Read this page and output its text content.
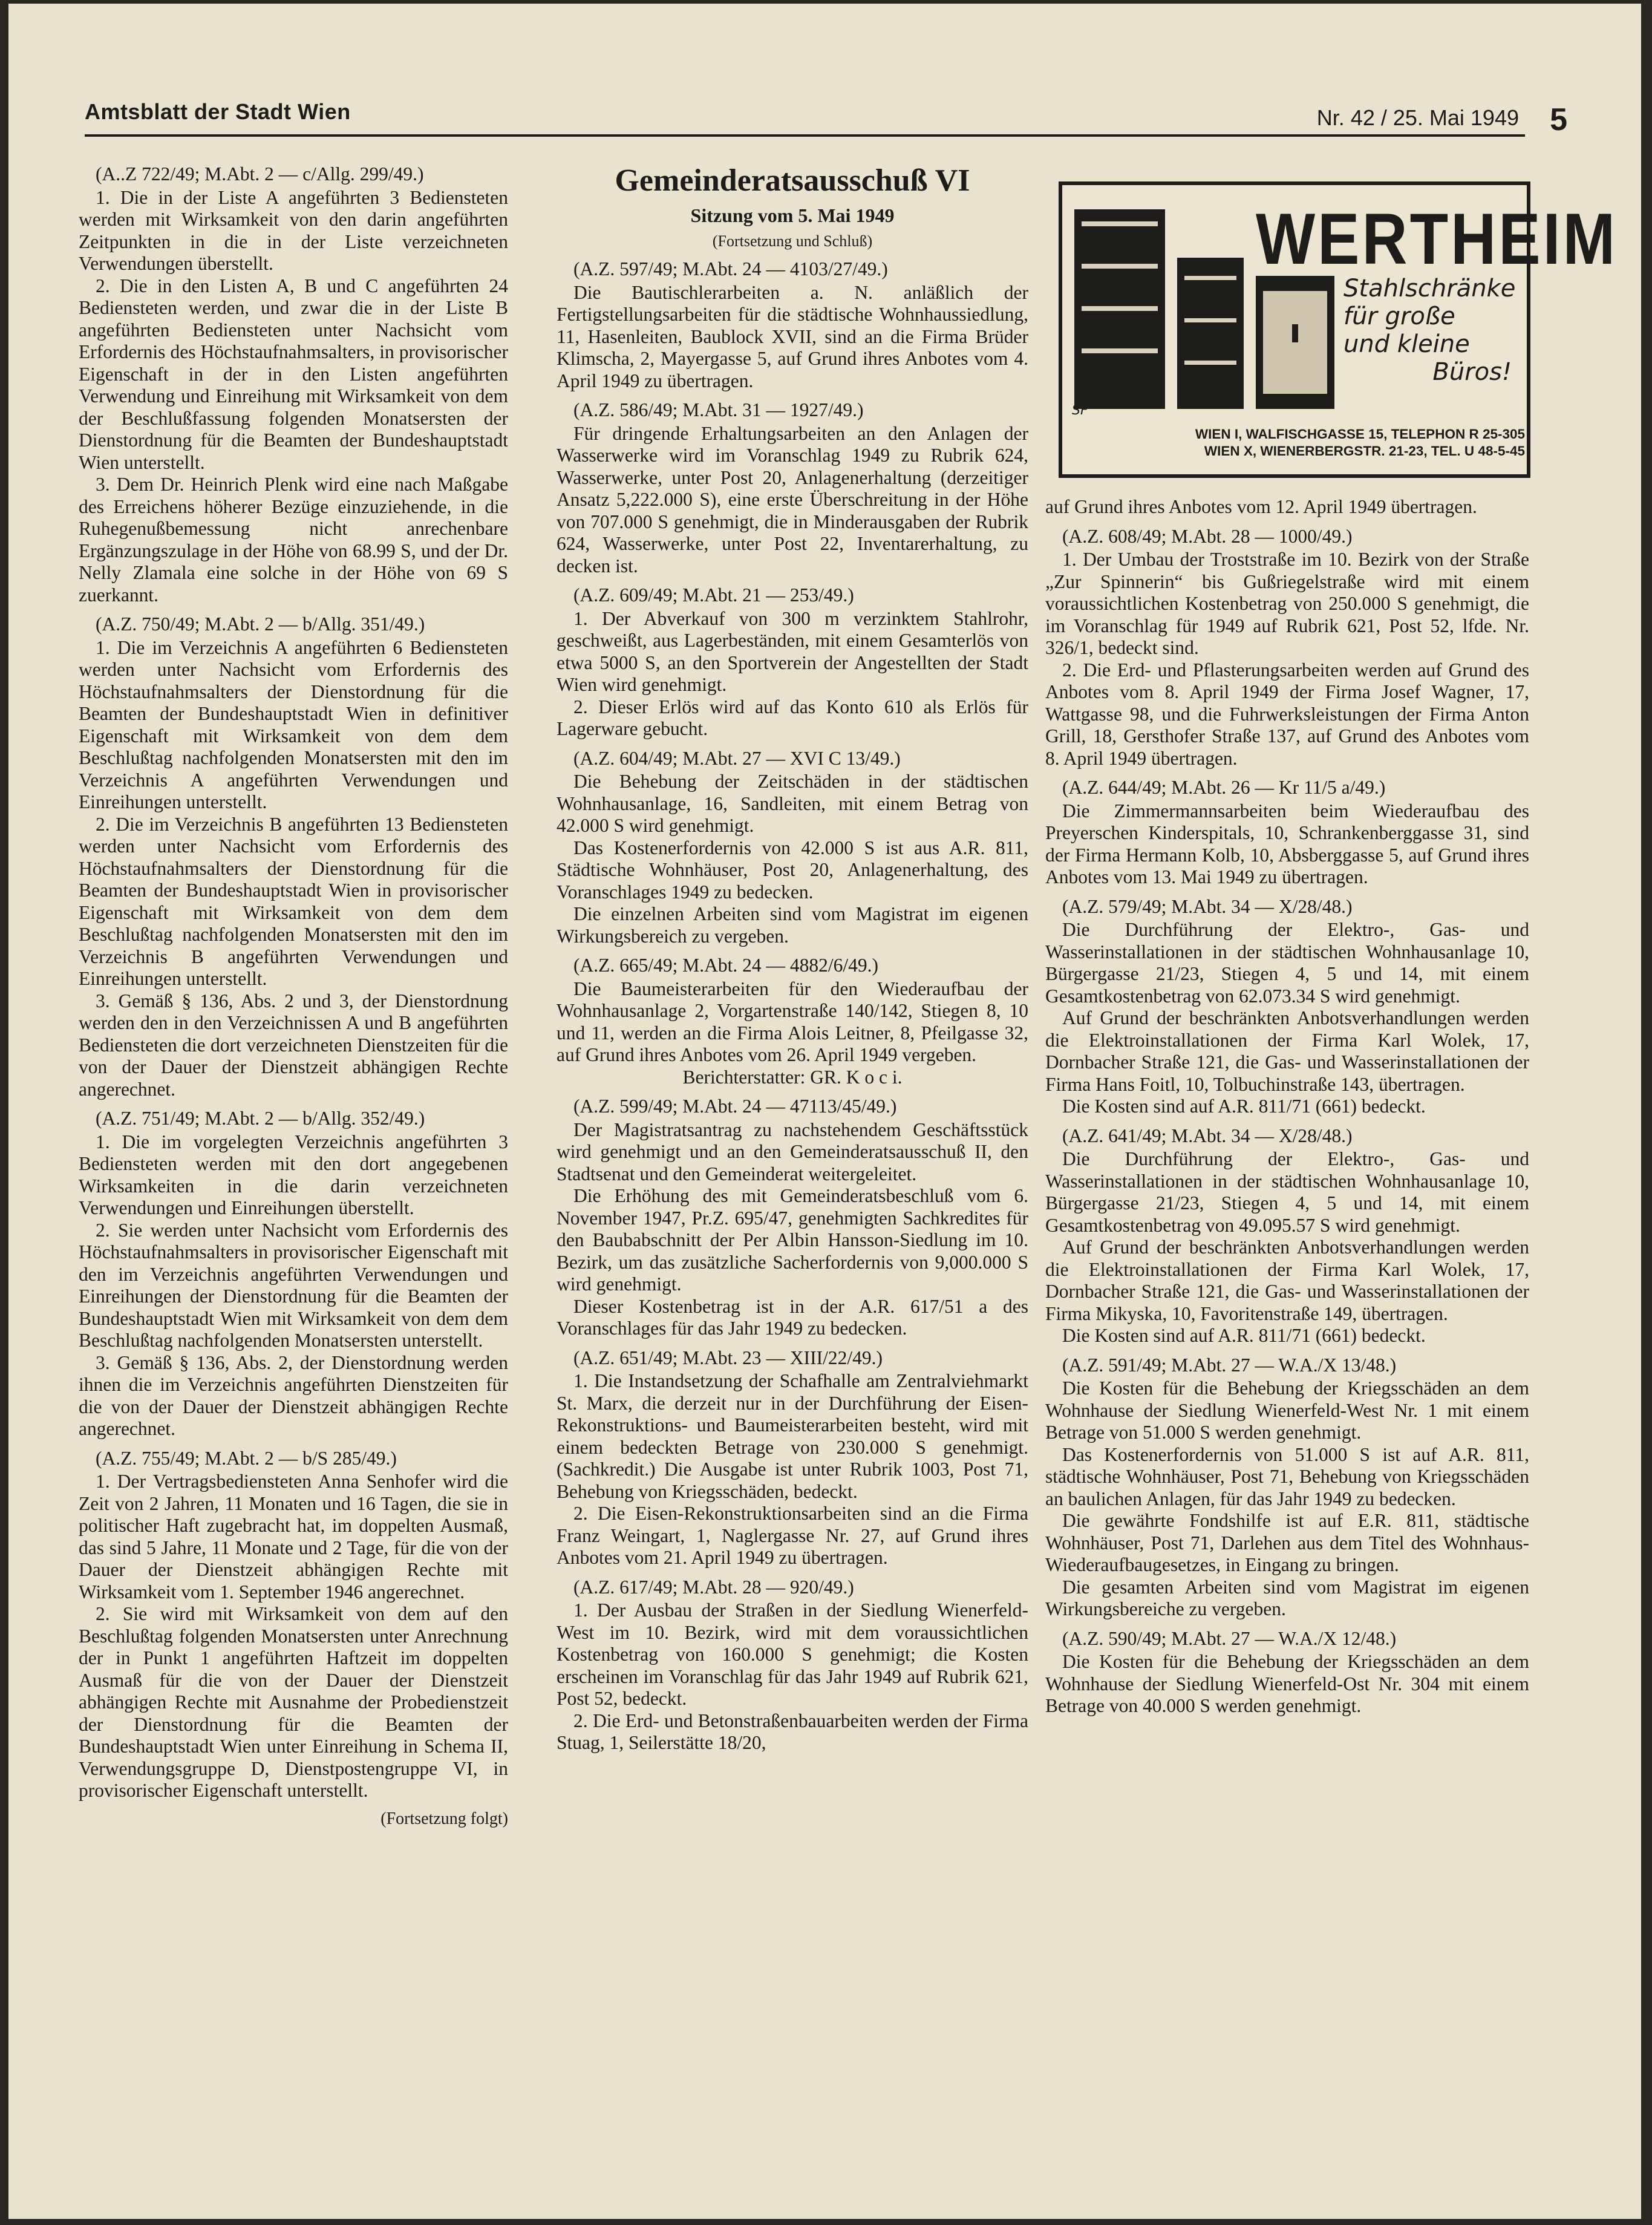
Amtsblatt der Stadt Wien	Nr. 42 / 25. Mai 1949 5

(A..Z 722/49; M.Abt. 2 — c/Allg. 299/49.)

1. Die in der Liste A angeführten 3 Bediensteten werden mit Wirksamkeit von den darin angeführten Zeitpunkten in die in der Liste verzeichneten Verwendungen überstellt.

2. Die in den Listen A, B und C angeführten 24 Bediensteten werden, und zwar die in der Liste B angeführten Bediensteten unter Nachsicht vom Erfordernis des Höchstaufnahmsalters, in provisorischer Eigenschaft in der in den Listen angeführten Verwendung und Einreihung mit Wirksamkeit von dem der Beschlußfassung folgenden Monatsersten der Dienstordnung für die Beamten der Bundeshauptstadt Wien unterstellt.

3. Dem Dr. Heinrich Plenk wird eine nach Maßgabe des Erreichens höherer Bezüge einzuziehende, in die Ruhegenußbemessung nicht anrechenbare Ergänzungszulage in der Höhe von 68.99 S, und der Dr. Nelly Zlamala eine solche in der Höhe von 69 S zuerkannt.

(A.Z. 750/49; M.Abt. 2 — b/Allg. 351/49.)

1. Die im Verzeichnis A angeführten 6 Bediensteten werden unter Nachsicht vom Erfordernis des Höchstaufnahmsalters der Dienstordnung für die Beamten der Bundeshauptstadt Wien in definitiver Eigenschaft mit Wirksamkeit von dem dem Beschlußtag nachfolgenden Monatsersten mit den im Verzeichnis A angeführten Verwendungen und Einreihungen unterstellt.

2. Die im Verzeichnis B angeführten 13 Bediensteten werden unter Nachsicht vom Erfordernis des Höchstaufnahmsalters der Dienstordnung für die Beamten der Bundeshauptstadt Wien in provisorischer Eigenschaft mit Wirksamkeit von dem dem Beschlußtag nachfolgenden Monatsersten mit den im Verzeichnis B angeführten Verwendungen und Einreihungen unterstellt.

3. Gemäß § 136, Abs. 2 und 3, der Dienstordnung werden den in den Verzeichnissen A und B angeführten Bediensteten die dort verzeichneten Dienstzeiten für die von der Dauer der Dienstzeit abhängigen Rechte angerechnet.

(A.Z. 751/49; M.Abt. 2 — b/Allg. 352/49.)

1. Die im vorgelegten Verzeichnis angeführten 3 Bediensteten werden mit den dort angegebenen Wirksamkeiten in die darin verzeichneten Verwendungen und Einreihungen überstellt.

2. Sie werden unter Nachsicht vom Erfordernis des Höchstaufnahmsalters in provisorischer Eigenschaft mit den im Verzeichnis angeführten Verwendungen und Einreihungen der Dienstordnung für die Beamten der Bundeshauptstadt Wien mit Wirksamkeit von dem dem Beschlußtag nachfolgenden Monatsersten unterstellt.

3. Gemäß § 136, Abs. 2, der Dienstordnung werden ihnen die im Verzeichnis angeführten Dienstzeiten für die von der Dauer der Dienstzeit abhängigen Rechte angerechnet.

(A.Z. 755/49; M.Abt. 2 — b/S 285/49.)

1. Der Vertragsbediensteten Anna Senhofer wird die Zeit von 2 Jahren, 11 Monaten und 16 Tagen, die sie in politischer Haft zugebracht hat, im doppelten Ausmaß, das sind 5 Jahre, 11 Monate und 2 Tage, für die von der Dauer der Dienstzeit abhängigen Rechte mit Wirksamkeit vom 1. September 1946 angerechnet.

2. Sie wird mit Wirksamkeit von dem auf den Beschlußtag folgenden Monatsersten unter Anrechnung der in Punkt 1 angeführten Haftzeit im doppelten Ausmaß für die von der Dauer der Dienstzeit abhängigen Rechte mit Ausnahme der Probedienstzeit der Dienstordnung für die Beamten der Bundeshauptstadt Wien unter Einreihung in Schema II, Verwendungsgruppe D, Dienstpostengruppe VI, in provisorischer Eigenschaft unterstellt.

(Fortsetzung folgt)

Gemeinderatsausschuß VI
Sitzung vom 5. Mai 1949
(Fortsetzung und Schluß)

(A.Z. 597/49; M.Abt. 24 — 4103/27/49.)

Die Bautischlerarbeiten a. N. anläßlich der Fertigstellungsarbeiten für die städtische Wohnhaussiedlung, 11, Hasenleiten, Baublock XVII, sind an die Firma Brüder Klimscha, 2, Mayergasse 5, auf Grund ihres Anbotes vom 4. April 1949 zu übertragen.

(A.Z. 586/49; M.Abt. 31 — 1927/49.)

Für dringende Erhaltungsarbeiten an den Anlagen der Wasserwerke wird im Voranschlag 1949 zu Rubrik 624, Wasserwerke, unter Post 20, Anlagenerhaltung (derzeitiger Ansatz 5,222.000 S), eine erste Überschreitung in der Höhe von 707.000 S genehmigt, die in Minderausgaben der Rubrik 624, Wasserwerke, unter Post 22, Inventarerhaltung, zu decken ist.

(A.Z. 609/49; M.Abt. 21 — 253/49.)

1. Der Abverkauf von 300 m verzinktem Stahlrohr, geschweißt, aus Lagerbeständen, mit einem Gesamterlös von etwa 5000 S, an den Sportverein der Angestellten der Stadt Wien wird genehmigt.

2. Dieser Erlös wird auf das Konto 610 als Erlös für Lagerware gebucht.

(A.Z. 604/49; M.Abt. 27 — XVI C 13/49.)

Die Behebung der Zeitschäden in der städtischen Wohnhausanlage, 16, Sandleiten, mit einem Betrag von 42.000 S wird genehmigt.

Das Kostenerfordernis von 42.000 S ist aus A.R. 811, Städtische Wohnhäuser, Post 20, Anlagenerhaltung, des Voranschlages 1949 zu bedecken.

Die einzelnen Arbeiten sind vom Magistrat im eigenen Wirkungsbereich zu vergeben.

(A.Z. 665/49; M.Abt. 24 — 4882/6/49.)

Die Baumeisterarbeiten für den Wiederaufbau der Wohnhausanlage 2, Vorgartenstraße 140/142, Stiegen 8, 10 und 11, werden an die Firma Alois Leitner, 8, Pfeilgasse 32, auf Grund ihres Anbotes vom 26. April 1949 vergeben.

Berichterstatter: GR. K o c i.

(A.Z. 599/49; M.Abt. 24 — 47113/45/49.)

Der Magistratsantrag zu nachstehendem Geschäftsstück wird genehmigt und an den Gemeinderatsausschuß II, den Stadtsenat und den Gemeinderat weitergeleitet.

Die Erhöhung des mit Gemeinderatsbeschluß vom 6. November 1947, Pr.Z. 695/47, genehmigten Sachkredites für den Baubabschnitt der Per Albin Hansson-Siedlung im 10. Bezirk, um das zusätzliche Sacherfordernis von 9,000.000 S wird genehmigt.

Dieser Kostenbetrag ist in der A.R. 617/51 a des Voranschlages für das Jahr 1949 zu bedecken.

(A.Z. 651/49; M.Abt. 23 — XIII/22/49.)

1. Die Instandsetzung der Schafhalle am Zentralviehmarkt St. Marx, die derzeit nur in der Durchführung der Eisen-Rekonstruktions- und Baumeisterarbeiten besteht, wird mit einem bedeckten Betrage von 230.000 S genehmigt. (Sachkredit.) Die Ausgabe ist unter Rubrik 1003, Post 71, Behebung von Kriegsschäden, bedeckt.

2. Die Eisen-Rekonstruktionsarbeiten sind an die Firma Franz Weingart, 1, Naglergasse Nr. 27, auf Grund ihres Anbotes vom 21. April 1949 zu übertragen.

(A.Z. 617/49; M.Abt. 28 — 920/49.)

1. Der Ausbau der Straßen in der Siedlung Wienerfeld-West im 10. Bezirk, wird mit dem voraussichtlichen Kostenbetrag von 160.000 S genehmigt; die Kosten erscheinen im Voranschlag für das Jahr 1949 auf Rubrik 621, Post 52, bedeckt.

2. Die Erd- und Betonstraßenbauarbeiten werden der Firma Stuag, 1, Seilerstätte 18/20,

SF
WERTHEIM
Stahlschränke
für große
und kleine
Büros!
WIEN I, WALFISCHGASSE 15, TELEPHON R 25-305
WIEN X, WIENERBERGSTR. 21-23, TEL. U 48-5-45

auf Grund ihres Anbotes vom 12. April 1949 übertragen.

(A.Z. 608/49; M.Abt. 28 — 1000/49.)

1. Der Umbau der Troststraße im 10. Bezirk von der Straße „Zur Spinnerin“ bis Gußriegelstraße wird mit einem voraussichtlichen Kostenbetrag von 250.000 S genehmigt, die im Voranschlag für 1949 auf Rubrik 621, Post 52, lfde. Nr. 326/1, bedeckt sind.

2. Die Erd- und Pflasterungsarbeiten werden auf Grund des Anbotes vom 8. April 1949 der Firma Josef Wagner, 17, Wattgasse 98, und die Fuhrwerksleistungen der Firma Anton Grill, 18, Gersthofer Straße 137, auf Grund des Anbotes vom 8. April 1949 übertragen.

(A.Z. 644/49; M.Abt. 26 — Kr 11/5 a/49.)

Die Zimmermannsarbeiten beim Wiederaufbau des Preyerschen Kinderspitals, 10, Schrankenberggasse 31, sind der Firma Hermann Kolb, 10, Absberggasse 5, auf Grund ihres Anbotes vom 13. Mai 1949 zu übertragen.

(A.Z. 579/49; M.Abt. 34 — X/28/48.)

Die Durchführung der Elektro-, Gas- und Wasserinstallationen in der städtischen Wohnhausanlage 10, Bürgergasse 21/23, Stiegen 4, 5 und 14, mit einem Gesamtkostenbetrag von 62.073.34 S wird genehmigt.

Auf Grund der beschränkten Anbotsverhandlungen werden die Elektroinstallationen der Firma Karl Wolek, 17, Dornbacher Straße 121, die Gas- und Wasserinstallationen der Firma Hans Foitl, 10, Tolbuchinstraße 143, übertragen.

Die Kosten sind auf A.R. 811/71 (661) bedeckt.

(A.Z. 641/49; M.Abt. 34 — X/28/48.)

Die Durchführung der Elektro-, Gas- und Wasserinstallationen in der städtischen Wohnhausanlage 10, Bürgergasse 21/23, Stiegen 4, 5 und 14, mit einem Gesamtkostenbetrag von 49.095.57 S wird genehmigt.

Auf Grund der beschränkten Anbotsverhandlungen werden die Elektroinstallationen der Firma Karl Wolek, 17, Dornbacher Straße 121, die Gas- und Wasserinstallationen der Firma Mikyska, 10, Favoritenstraße 149, übertragen.

Die Kosten sind auf A.R. 811/71 (661) bedeckt.

(A.Z. 591/49; M.Abt. 27 — W.A./X 13/48.)

Die Kosten für die Behebung der Kriegsschäden an dem Wohnhause der Siedlung Wienerfeld-West Nr. 1 mit einem Betrage von 51.000 S werden genehmigt.

Das Kostenerfordernis von 51.000 S ist auf A.R. 811, städtische Wohnhäuser, Post 71, Behebung von Kriegsschäden an baulichen Anlagen, für das Jahr 1949 zu bedecken.

Die gewährte Fondshilfe ist auf E.R. 811, städtische Wohnhäuser, Post 71, Darlehen aus dem Titel des Wohnhaus-Wiederaufbaugesetzes, in Eingang zu bringen.

Die gesamten Arbeiten sind vom Magistrat im eigenen Wirkungsbereiche zu vergeben.

(A.Z. 590/49; M.Abt. 27 — W.A./X 12/48.)

Die Kosten für die Behebung der Kriegsschäden an dem Wohnhause der Siedlung Wienerfeld-Ost Nr. 304 mit einem Betrage von 40.000 S werden genehmigt.
